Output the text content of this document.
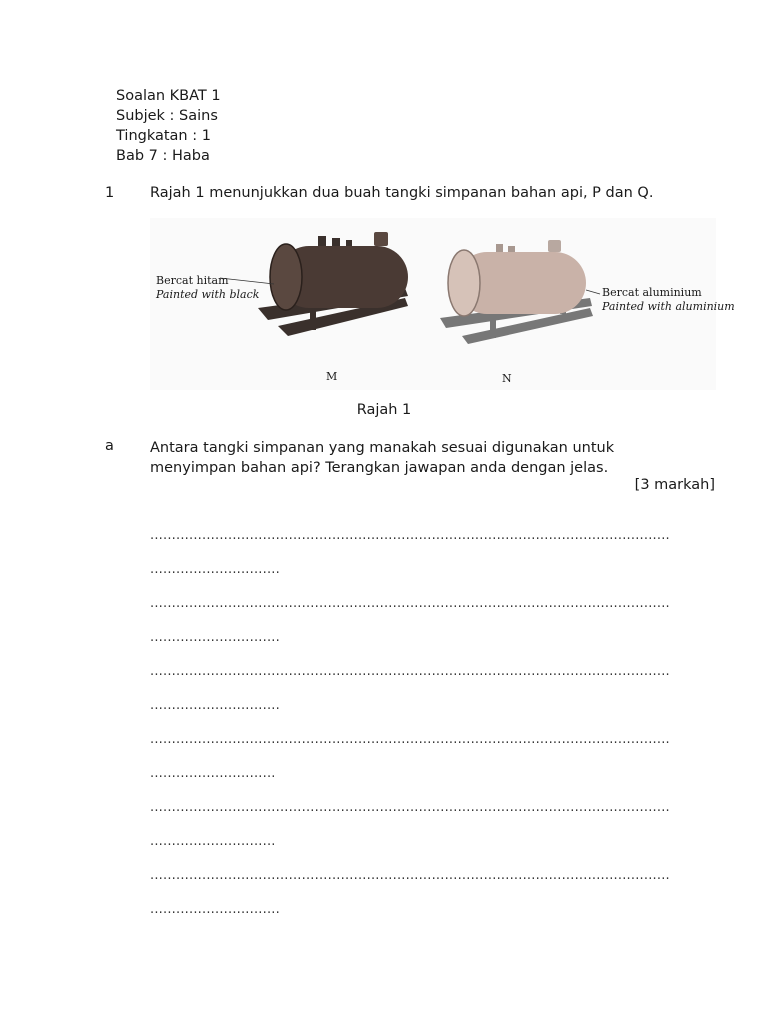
Soalan KBAT 1
Subjek : Sains
Tingkatan : 1
Bab 7 : Haba
1 Rajah 1 menunjukkan dua buah tangki simpanan bahan api, P dan Q.
Bercat hitam
Painted with black
M
Bercat aluminium
Painted with aluminium
N
Rajah 1
a Antara tangki simpanan yang manakah sesuai digunakan untuk
menyimpan bahan api? Terangkan jawapan anda dengan jelas.
[3 markah]
........................................................................................................................
..............................
........................................................................................................................
..............................
........................................................................................................................
..............................
........................................................................................................................
.............................
........................................................................................................................
.............................
........................................................................................................................
..............................
